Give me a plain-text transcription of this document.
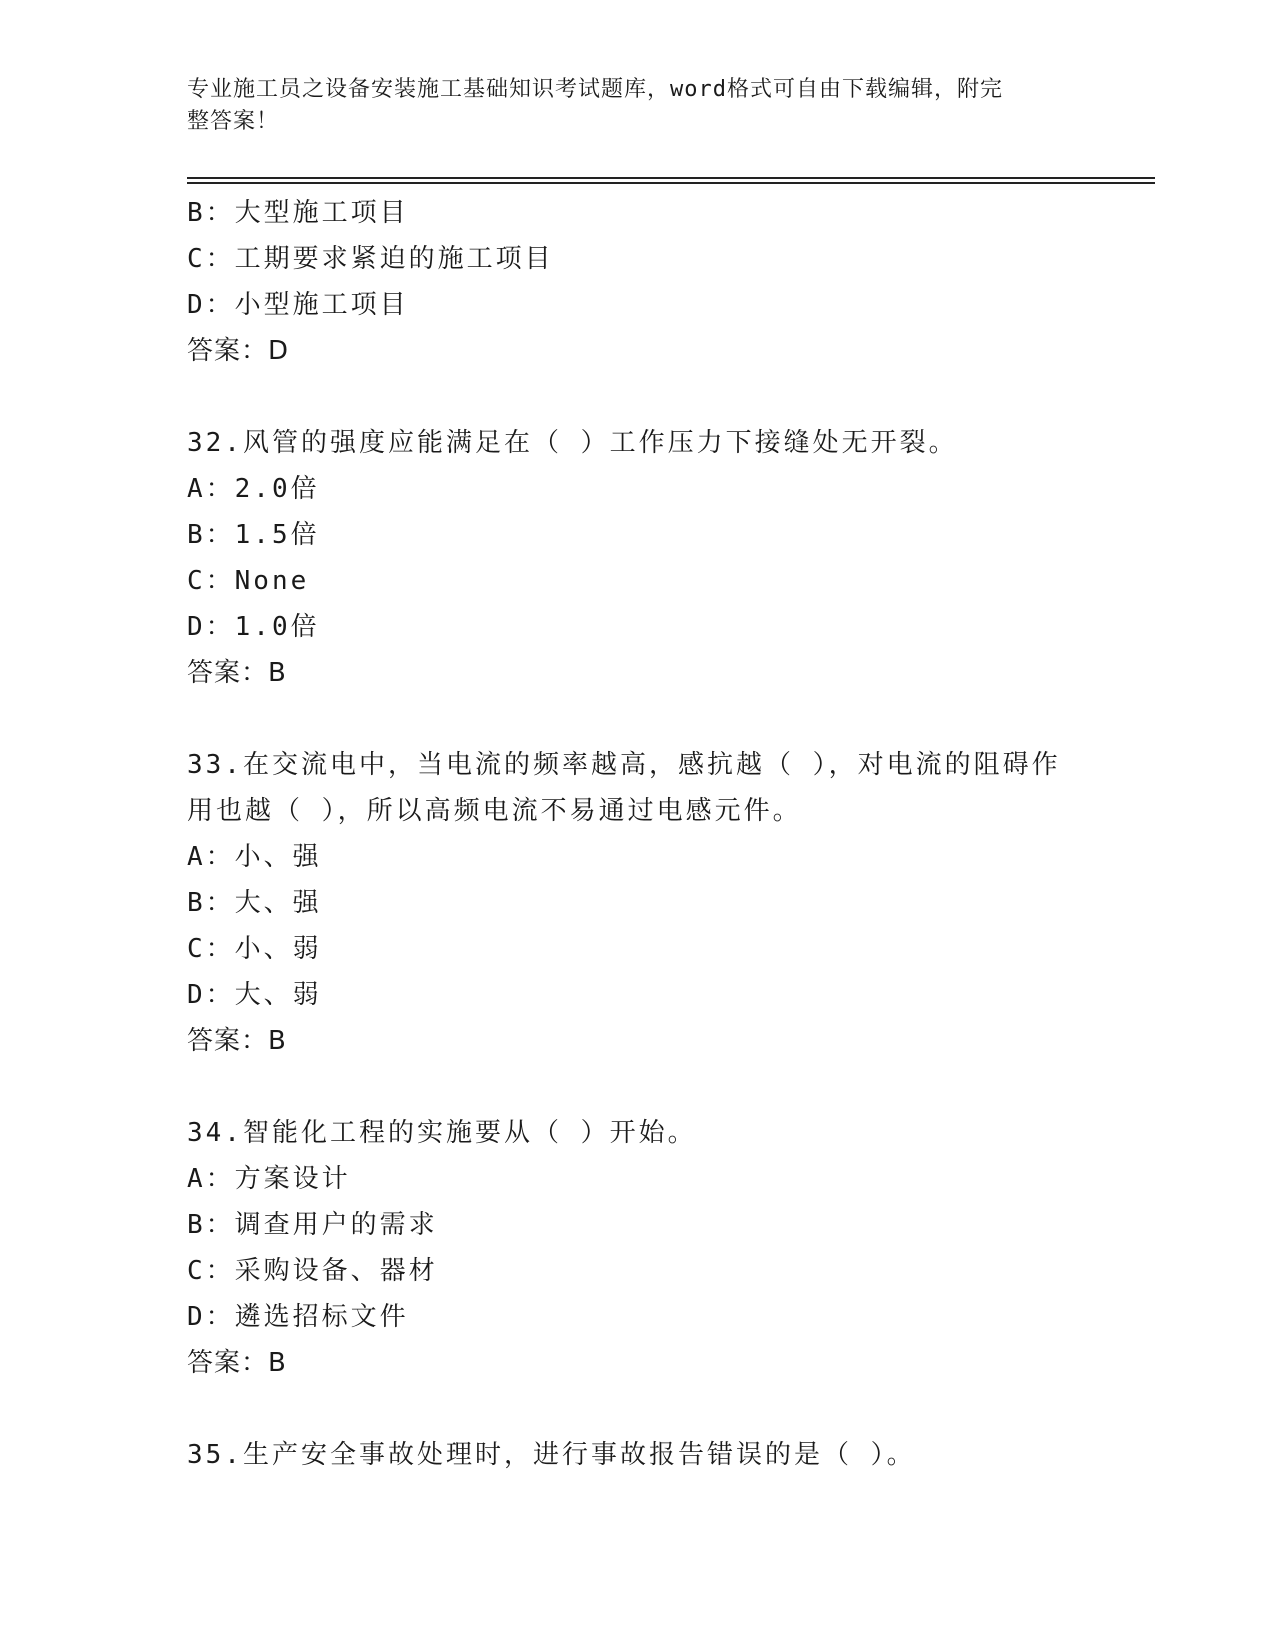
专业施工员之设备安装施工基础知识考试题库，word格式可自由下载编辑，附完
整答案！
B：大型施工项目
C：工期要求紧迫的施工项目
D：小型施工项目
答案：D
32.风管的强度应能满足在（ ）工作压力下接缝处无开裂。
A：2.0倍
B：1.5倍
C：None
D：1.0倍
答案：B
33.在交流电中，当电流的频率越高，感抗越（ ），对电流的阻碍作
用也越（ ），所以高频电流不易通过电感元件。
A：小、强
B：大、强
C：小、弱
D：大、弱
答案：B
34.智能化工程的实施要从（ ）开始。
A：方案设计
B：调查用户的需求
C：采购设备、器材
D：遴选招标文件
答案：B
35.生产安全事故处理时，进行事故报告错误的是（ ）。
